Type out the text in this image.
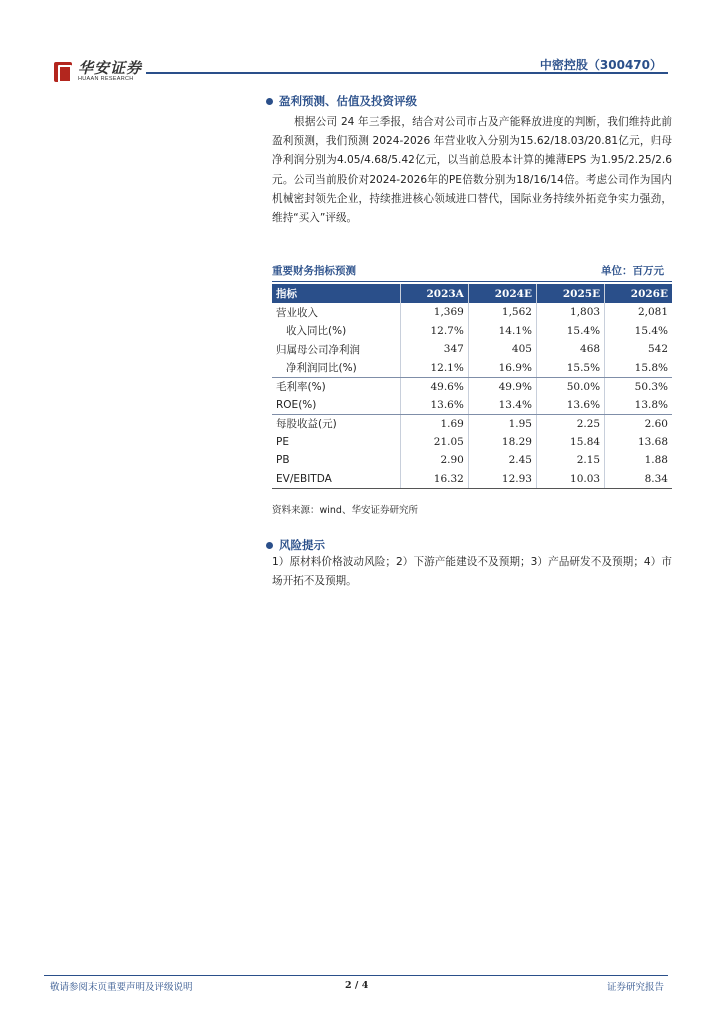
华安证券
HUAAN RESEARCH
中密控股（300470）
盈利预测、估值及投资评级
根据公司 24 年三季报，结合对公司市占及产能释放进度的判断，我们维持此前盈利预测，我们预测 2024-2026 年营业收入分别为15.62/18.03/20.81亿元，归母净利润分别为4.05/4.68/5.42亿元，以当前总股本计算的摊薄EPS 为1.95/2.25/2.6元。公司当前股价对2024-2026年的PE倍数分别为18/16/14倍。考虑公司作为国内机械密封领先企业，持续推进核心领域进口替代，国际业务持续外拓竞争实力强劲，维持“买入”评级。
重要财务指标预测	单位：百万元
指标	2023A	2024E	2025E	2026E
营业收入	1,369	1,562	1,803	2,081
收入同比(%)	12.7%	14.1%	15.4%	15.4%
归属母公司净利润	347	405	468	542
净利润同比(%)	12.1%	16.9%	15.5%	15.8%
毛利率(%)	49.6%	49.9%	50.0%	50.3%
ROE(%)	13.6%	13.4%	13.6%	13.8%
每股收益(元)	1.69	1.95	2.25	2.60
PE	21.05	18.29	15.84	13.68
PB	2.90	2.45	2.15	1.88
EV/EBITDA	16.32	12.93	10.03	8.34
资料来源：wind、华安证券研究所
风险提示
1）原材料价格波动风险；2）下游产能建设不及预期；3）产品研发不及预期；4）市场开拓不及预期。
敬请参阅末页重要声明及评级说明	2 / 4	证券研究报告
